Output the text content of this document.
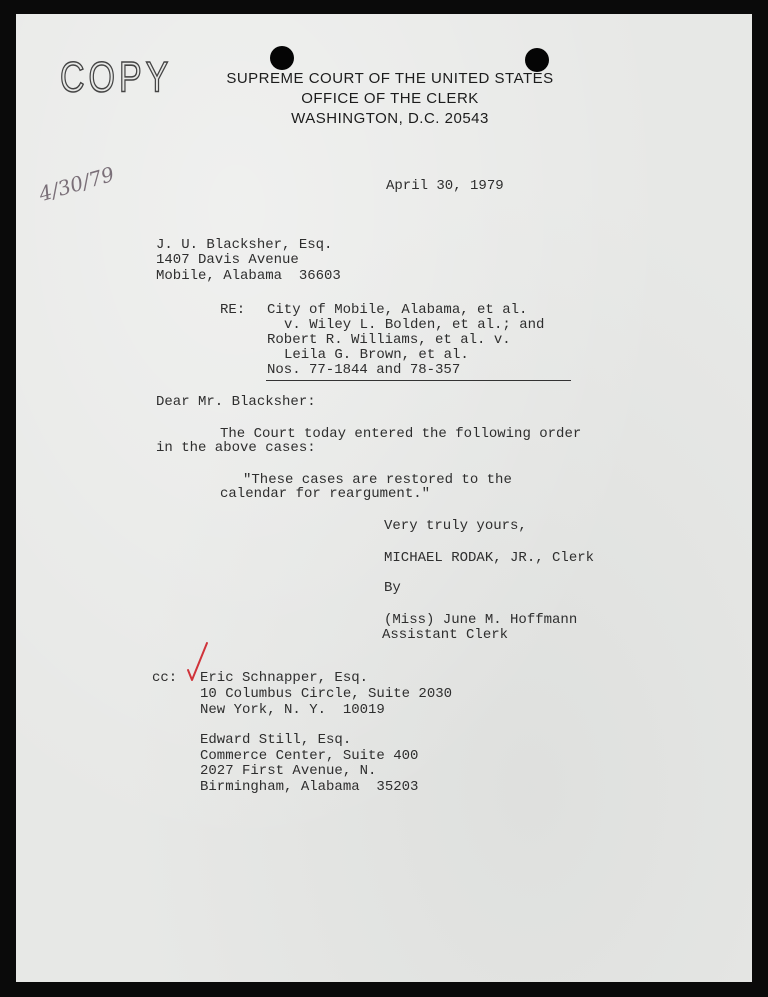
COPY	SUPREME COURT OF THE UNITED STATES
OFFICE OF THE CLERK
WASHINGTON, D.C. 20543
4/30/79	April 30, 1979
J. U. Blacksher, Esq.
1407 Davis Avenue
Mobile, Alabama  36603
RE: City of Mobile, Alabama, et al.
v. Wiley L. Bolden, et al.; and
Robert R. Williams, et al. v.
Leila G. Brown, et al.
Nos. 77-1844 and 78-357
Dear Mr. Blacksher:
The Court today entered the following order
in the above cases:
"These cases are restored to the
calendar for reargument."
Very truly yours,
MICHAEL RODAK, JR., Clerk
By
(Miss) June M. Hoffmann
Assistant Clerk
cc: Eric Schnapper, Esq.
10 Columbus Circle, Suite 2030
New York, N. Y.  10019
Edward Still, Esq.
Commerce Center, Suite 400
2027 First Avenue, N.
Birmingham, Alabama  35203
